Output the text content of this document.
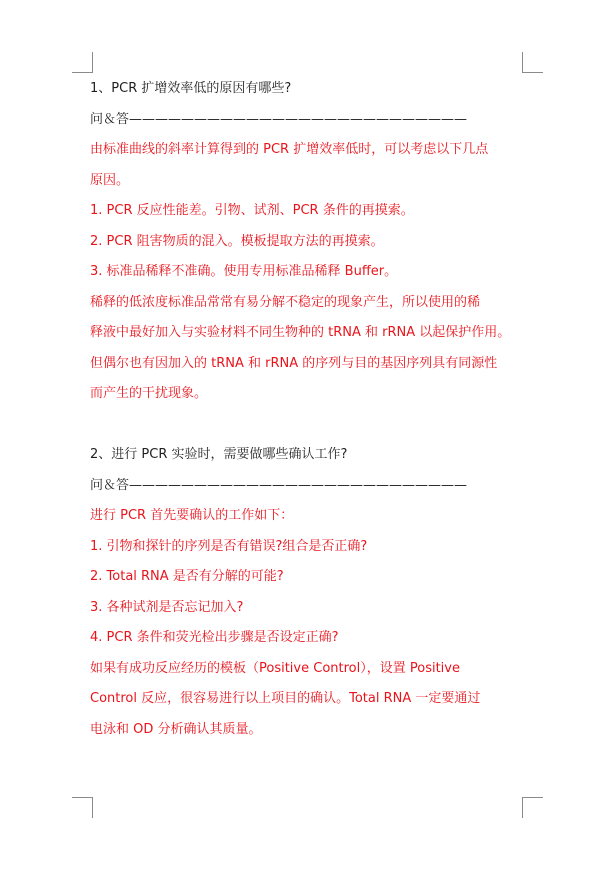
1、PCR 扩增效率低的原因有哪些?
问＆答——————————————————————————
由标准曲线的斜率计算得到的 PCR 扩增效率低时，可以考虑以下几点
原因。
1. PCR 反应性能差。引物、试剂、PCR 条件的再摸索。
2. PCR 阻害物质的混入。模板提取方法的再摸索。
3. 标准品稀释不准确。使用专用标准品稀释 Buffer。
稀释的低浓度标准品常常有易分解不稳定的现象产生，所以使用的稀
释液中最好加入与实验材料不同生物种的 tRNA 和 rRNA 以起保护作用。
但偶尔也有因加入的 tRNA 和 rRNA 的序列与目的基因序列具有同源性
而产生的干扰现象。
2、进行 PCR 实验时，需要做哪些确认工作?
问＆答——————————————————————————
进行 PCR 首先要确认的工作如下：
1. 引物和探针的序列是否有错误?组合是否正确?
2. Total RNA 是否有分解的可能?
3. 各种试剂是否忘记加入?
4. PCR 条件和荧光检出步骤是否设定正确?
如果有成功反应经历的模板（Positive Control），设置 Positive
Control 反应，很容易进行以上项目的确认。Total RNA 一定要通过
电泳和 OD 分析确认其质量。
